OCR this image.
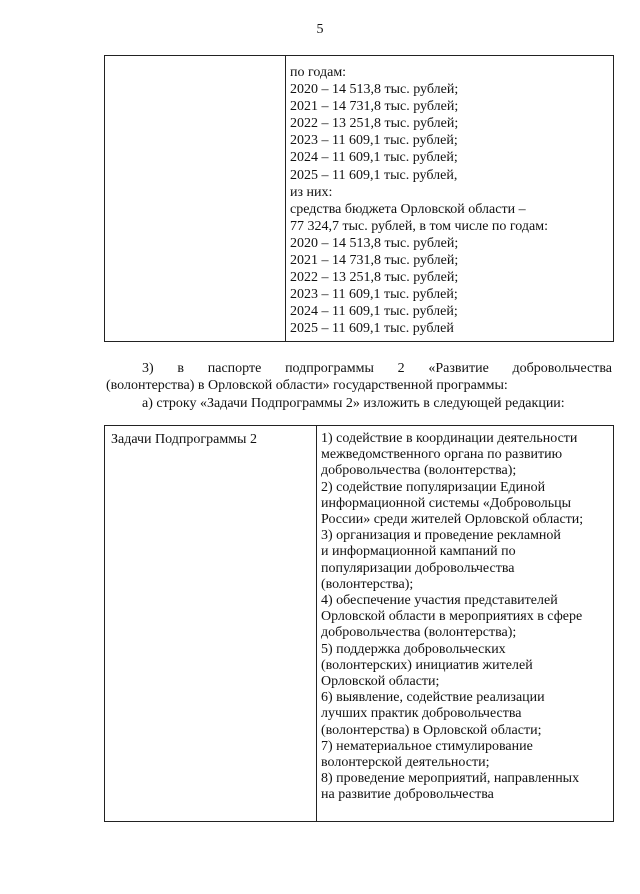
5
по годам:
2020 – 14 513,8 тыс. рублей;
2021 – 14 731,8 тыс. рублей;
2022 – 13 251,8 тыс. рублей;
2023 – 11 609,1 тыс. рублей;
2024 – 11 609,1 тыс. рублей;
2025 – 11 609,1 тыс. рублей,
из них:
средства бюджета Орловской области –
77 324,7 тыс. рублей, в том числе по годам:
2020 – 14 513,8 тыс. рублей;
2021 – 14 731,8 тыс. рублей;
2022 – 13 251,8 тыс. рублей;
2023 – 11 609,1 тыс. рублей;
2024 – 11 609,1 тыс. рублей;
2025 – 11 609,1 тыс. рублей
3) в паспорте подпрограммы 2 «Развитие добровольчества
(волонтерства) в Орловской области» государственной программы:
а) строку «Задачи Подпрограммы 2» изложить в следующей редакции:
Задачи Подпрограммы 2	1) содействие в координации деятельности
межведомственного органа по развитию
добровольчества (волонтерства);
2) содействие популяризации Единой
информационной системы «Добровольцы
России» среди жителей Орловской области;
3) организация и проведение рекламной
и информационной кампаний по
популяризации добровольчества
(волонтерства);
4) обеспечение участия представителей
Орловской области в мероприятиях в сфере
добровольчества (волонтерства);
5) поддержка добровольческих
(волонтерских) инициатив жителей
Орловской области;
6) выявление, содействие реализации
лучших практик добровольчества
(волонтерства) в Орловской области;
7) нематериальное стимулирование
волонтерской деятельности;
8) проведение мероприятий, направленных
на развитие добровольчества
